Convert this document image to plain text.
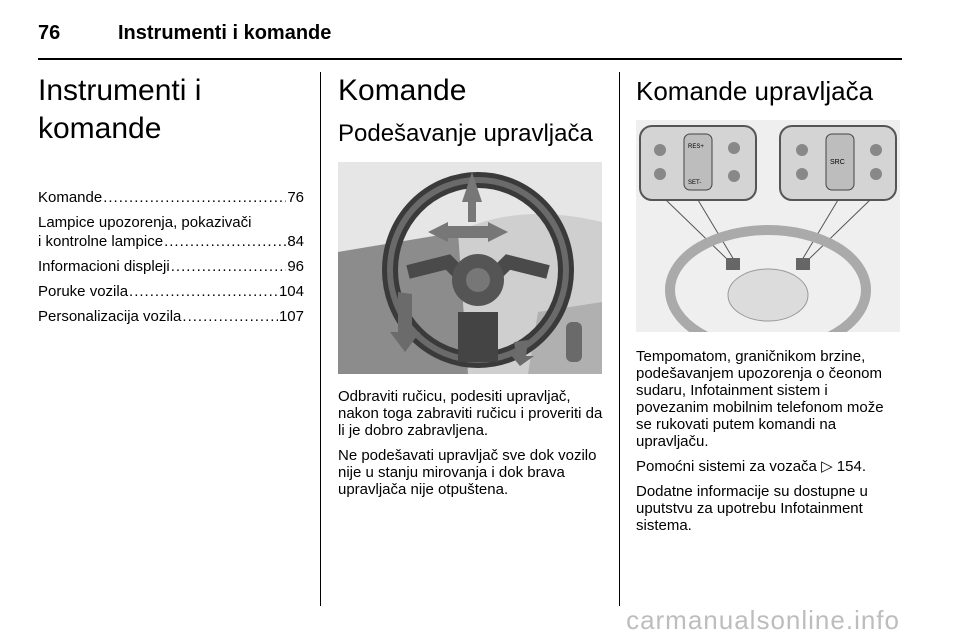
76	Instrumenti i komande
Instrumenti i komande
Komande .....	76
Lampice upozorenja, pokazivači
i kontrolne lampice .....	84
Informacioni displeji .....	96
Poruke vozila .....	104
Personalizacija vozila .....	107
Komande
Podešavanje upravljača

Odbraviti ručicu, podesiti upravljač, nakon toga zabraviti ručicu i proveriti da li je dobro zabravljena.

Ne podešavati upravljač sve dok vozilo nije u stanju mirovanja i dok brava upravljača nije otpuštena.

Komande upravljača
RES+
SET-
SRC

Tempomatom, graničnikom brzine, podešavanjem upozorenja o čeonom sudaru, Infotainment sistem i povezanim mobilnim telefonom može se rukovati putem komandi na upravljaču.

Pomoćni sistemi za vozača ▷ 154.

Dodatne informacije su dostupne u uputstvu za upotrebu Infotainment sistema.

carmanualsonline.info
